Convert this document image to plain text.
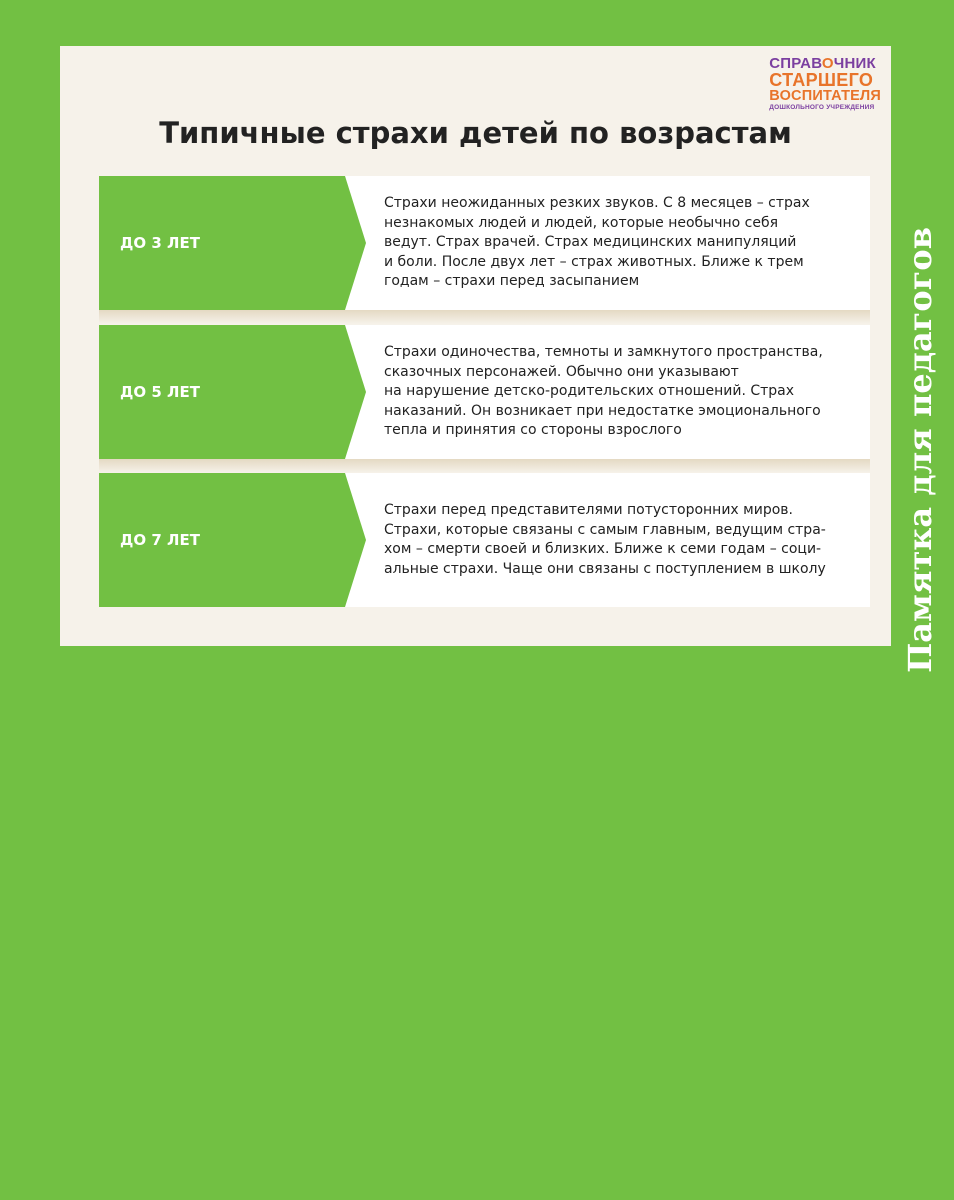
СПРАВОЧНИК
СТАРШЕГО
ВОСПИТАТЕЛЯ
ДОШКОЛЬНОГО УЧРЕЖДЕНИЯ
Типичные страхи детей по возрастам
ДО 3 ЛЕТ

Страхи неожиданных резких звуков. С 8 месяцев – страх
незнакомых людей и людей, которые необычно себя
ведут. Страх врачей. Страх медицинских манипуляций
и боли. После двух лет – страх животных. Ближе к трем
годам – страхи перед засыпанием

ДО 5 ЛЕТ

Страхи одиночества, темноты и замкнутого пространства,
сказочных персонажей. Обычно они указывают
на нарушение детско-родительских отношений. Страх
наказаний. Он возникает при недостатке эмоционального
тепла и принятия со стороны взрослого

ДО 7 ЛЕТ

Страхи перед представителями потусторонних миров.
Страхи, которые связаны с самым главным, ведущим стра-
хом – смерти своей и близких. Ближе к семи годам – соци-
альные страхи. Чаще они связаны с поступлением в школу Памятка для педагогов
